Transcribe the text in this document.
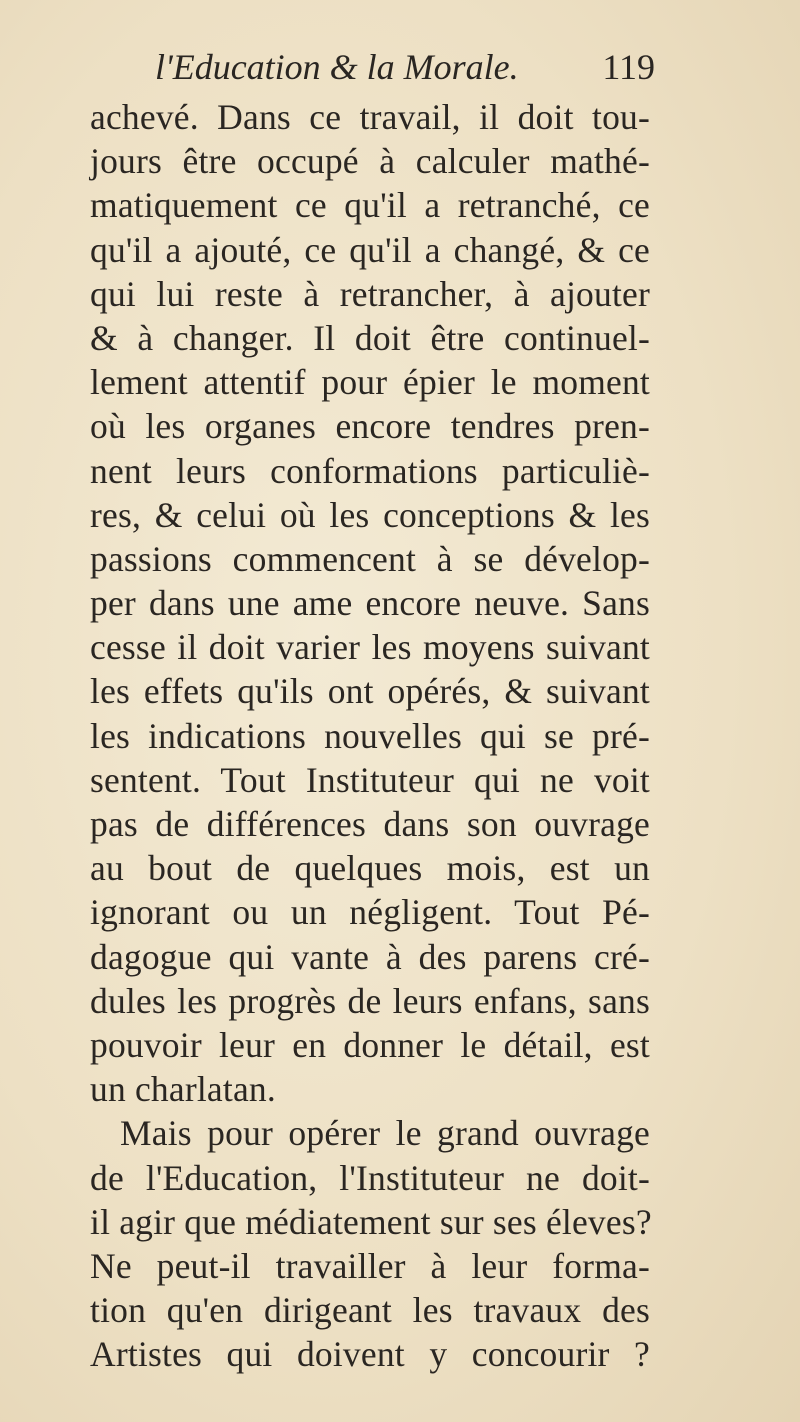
l'Education & la Morale. 119
achevé. Dans ce travail, il doit tou-
jours être occupé à calculer mathé-
matiquement ce qu'il a retranché, ce
qu'il a ajouté, ce qu'il a changé, & ce
qui lui reste à retrancher, à ajouter
& à changer. Il doit être continuel-
lement attentif pour épier le moment
où les organes encore tendres pren-
nent leurs conformations particuliè-
res, & celui où les conceptions & les
passions commencent à se dévelop-
per dans une ame encore neuve. Sans
cesse il doit varier les moyens suivant
les effets qu'ils ont opérés, & suivant
les indications nouvelles qui se pré-
sentent. Tout Instituteur qui ne voit
pas de différences dans son ouvrage
au bout de quelques mois, est un
ignorant ou un négligent. Tout Pé-
dagogue qui vante à des parens cré-
dules les progrès de leurs enfans, sans
pouvoir leur en donner le détail, est
un charlatan.
Mais pour opérer le grand ouvrage
de l'Education, l'Instituteur ne doit-
il agir que médiatement sur ses éleves?
Ne peut-il travailler à leur forma-
tion qu'en dirigeant les travaux des
Artistes qui doivent y concourir ?
